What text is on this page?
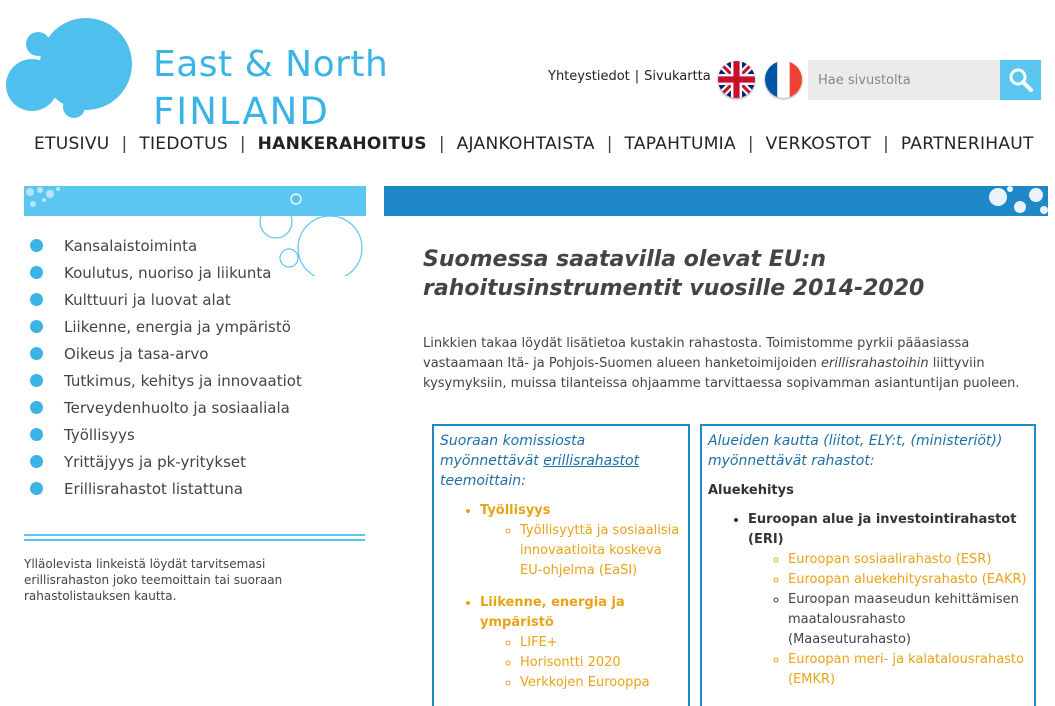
East & North
FINLAND
Yhteystiedot | Sivukartta
Hae sivustolta
ETUSIVU | TIEDOTUS | HANKERAHOITUS | AJANKOHTAISTA | TAPAHTUMIA | VERKOSTOT | PARTNERIHAUT
Kansalaistoiminta
Koulutus, nuoriso ja liikunta
Kulttuuri ja luovat alat
Liikenne, energia ja ympäristö
Oikeus ja tasa-arvo
Tutkimus, kehitys ja innovaatiot
Terveydenhuolto ja sosiaaliala
Työllisyys
Yrittäjyys ja pk-yritykset
Erillisrahastot listattuna

Ylläolevista linkeistä löydät tarvitsemasi erillisrahaston joko teemoittain tai suoraan rahastolistauksen kautta.

Suomessa saatavilla olevat EU:n rahoitusinstrumentit vuosille 2014-2020

Linkkien takaa löydät lisätietoa kustakin rahastosta. Toimistomme pyrkii pääasiassa vastaamaan Itä- ja Pohjois-Suomen alueen hanketoimijoiden erillisrahastoihin liittyviin kysymyksiin, muissa tilanteissa ohjaamme tarvittaessa sopivamman asiantuntijan puoleen.

Suoraan komissiosta myönnettävät erillisrahastot teemoittain:
• Työllisyys
◦ Työllisyyttä ja sosiaalisia innovaatioita koskeva EU-ohjelma (EaSI)
• Liikenne, energia ja ympäristö
◦ LIFE+
◦ Horisontti 2020
◦ Verkkojen Eurooppa
Alueiden kautta (liitot, ELY:t, (ministeriöt)) myönnettävät rahastot:
Aluekehitys
• Euroopan alue ja investointirahastot (ERI)
◦ Euroopan sosiaalirahasto (ESR)
◦ Euroopan aluekehitysrahasto (EAKR)
◦ Euroopan maaseudun kehittämisen maatalousrahasto (Maaseuturahasto)
◦ Euroopan meri- ja kalatalousrahasto (EMKR)
